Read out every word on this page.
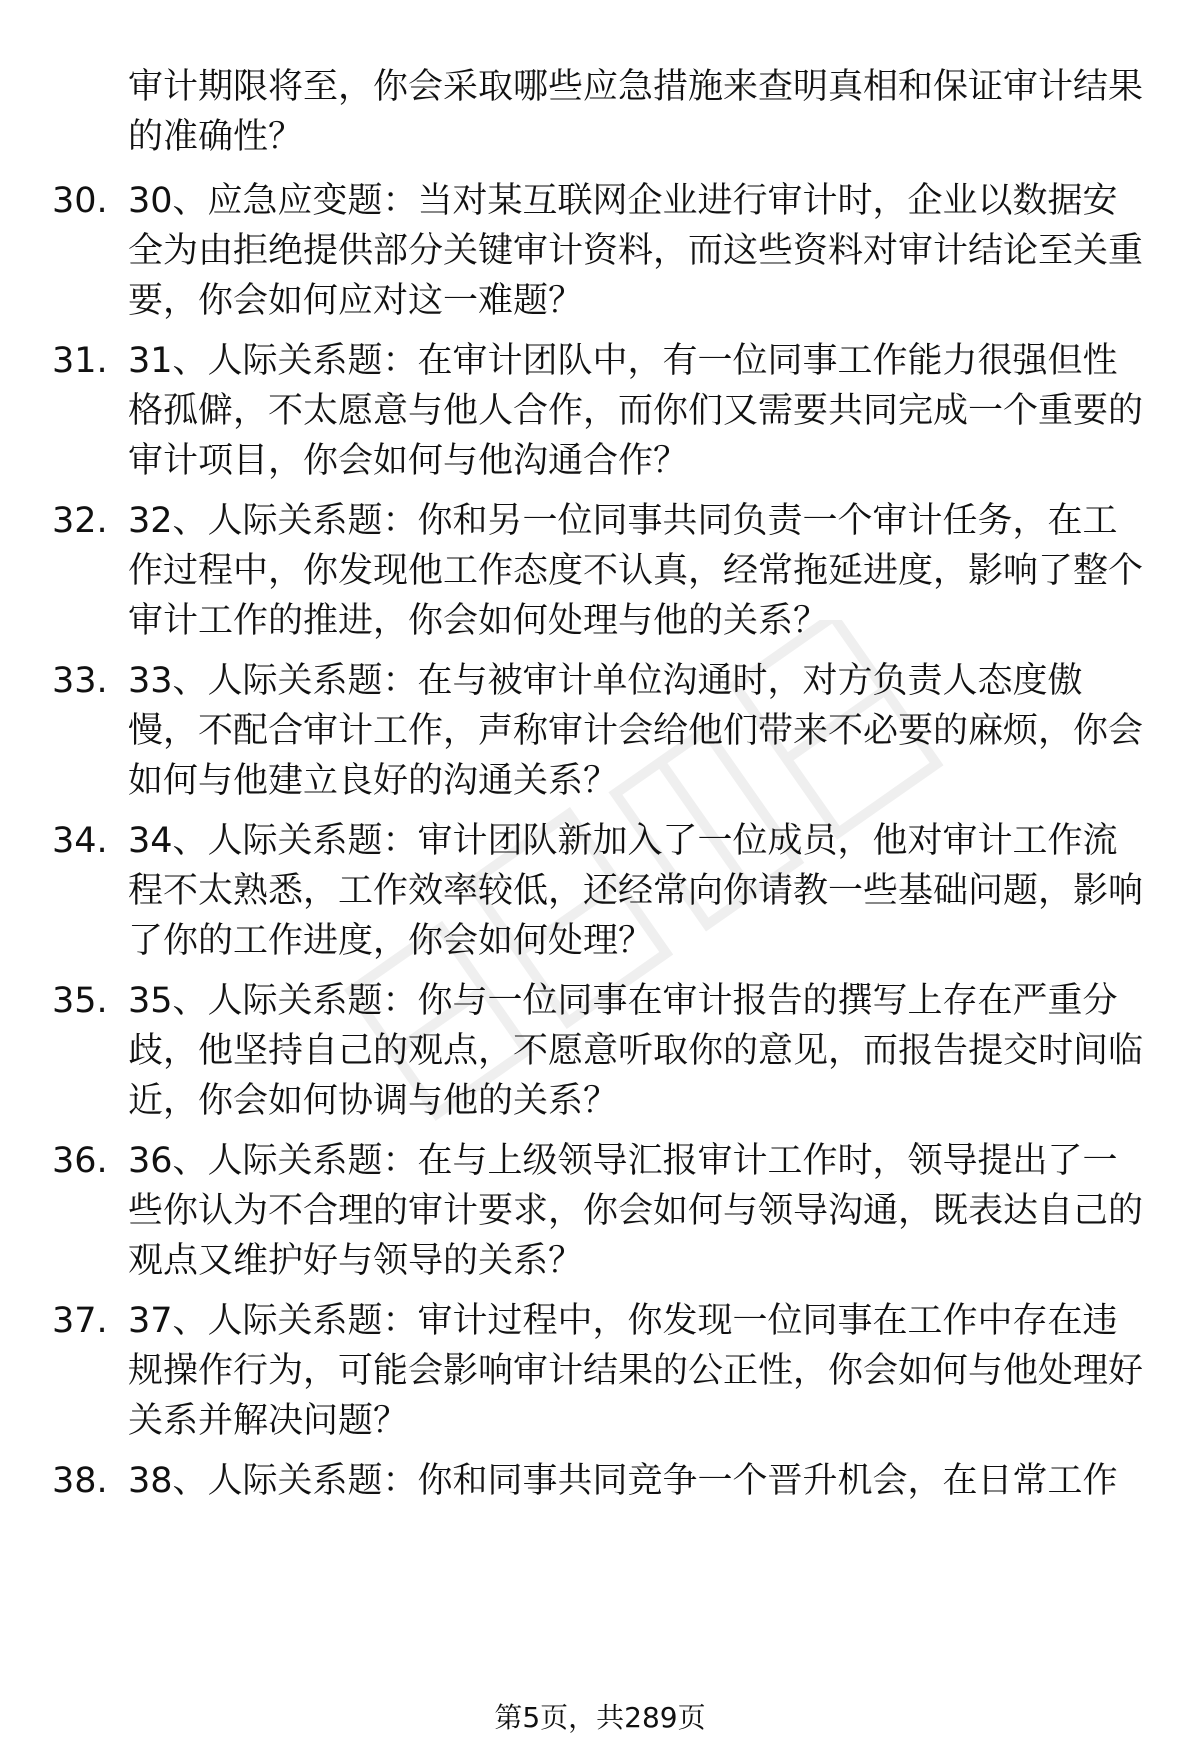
审计期限将至，你会采取哪些应急措施来查明真相和保证审计结果的准确性？
30. 30、应急应变题：当对某互联网企业进行审计时，企业以数据安全为由拒绝提供部分关键审计资料，而这些资料对审计结论至关重要，你会如何应对这一难题？
31. 31、人际关系题：在审计团队中，有一位同事工作能力很强但性格孤僻，不太愿意与他人合作，而你们又需要共同完成一个重要的审计项目，你会如何与他沟通合作？
32. 32、人际关系题：你和另一位同事共同负责一个审计任务，在工作过程中，你发现他工作态度不认真，经常拖延进度，影响了整个审计工作的推进，你会如何处理与他的关系？
33. 33、人际关系题：在与被审计单位沟通时，对方负责人态度傲慢，不配合审计工作，声称审计会给他们带来不必要的麻烦，你会如何与他建立良好的沟通关系？
34. 34、人际关系题：审计团队新加入了一位成员，他对审计工作流程不太熟悉，工作效率较低，还经常向你请教一些基础问题，影响了你的工作进度，你会如何处理？
35. 35、人际关系题：你与一位同事在审计报告的撰写上存在严重分歧，他坚持自己的观点，不愿意听取你的意见，而报告提交时间临近，你会如何协调与他的关系？
36. 36、人际关系题：在与上级领导汇报审计工作时，领导提出了一些你认为不合理的审计要求，你会如何与领导沟通，既表达自己的观点又维护好与领导的关系？
37. 37、人际关系题：审计过程中，你发现一位同事在工作中存在违规操作行为，可能会影响审计结果的公正性，你会如何与他处理好关系并解决问题？
38. 38、人际关系题：你和同事共同竞争一个晋升机会，在日常工作
第5页，共289页
